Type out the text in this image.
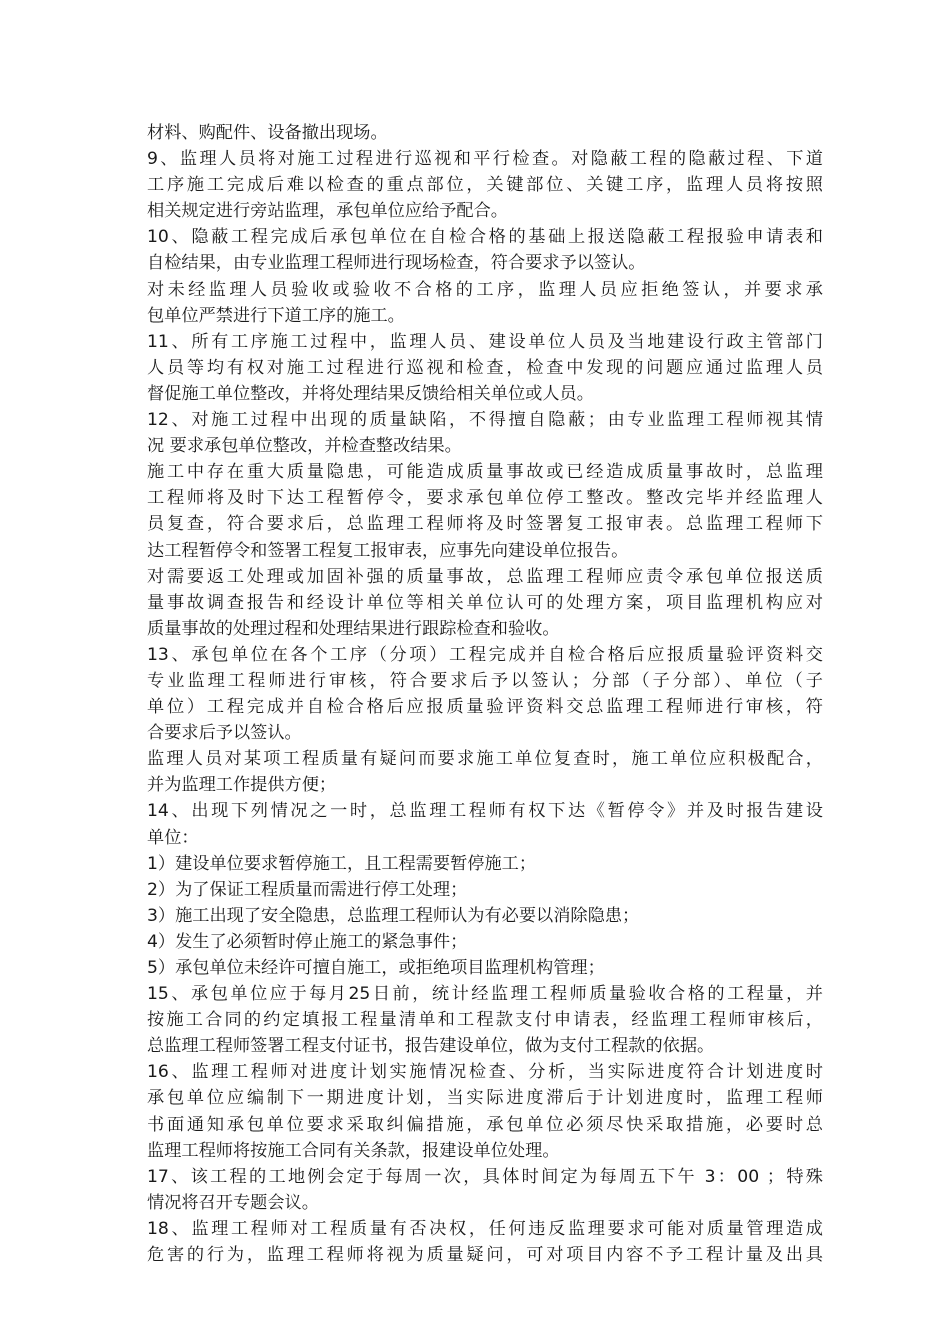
材料、购配件、设备撤出现场。
9、监理人员将对施工过程进行巡视和平行检查。对隐蔽工程的隐蔽过程、下道
工序施工完成后难以检查的重点部位，关键部位、关键工序，监理人员将按照
相关规定进行旁站监理，承包单位应给予配合。
10、隐蔽工程完成后承包单位在自检合格的基础上报送隐蔽工程报验申请表和
自检结果，由专业监理工程师进行现场检查，符合要求予以签认。
对未经监理人员验收或验收不合格的工序，监理人员应拒绝签认，并要求承
包单位严禁进行下道工序的施工。
11、所有工序施工过程中，监理人员、建设单位人员及当地建设行政主管部门
人员等均有权对施工过程进行巡视和检查，检查中发现的问题应通过监理人员
督促施工单位整改，并将处理结果反馈给相关单位或人员。
12、对施工过程中出现的质量缺陷，不得擅自隐蔽；由专业监理工程师视其情
况 要求承包单位整改，并检查整改结果。
施工中存在重大质量隐患，可能造成质量事故或已经造成质量事故时，总监理
工程师将及时下达工程暂停令，要求承包单位停工整改。整改完毕并经监理人
员复查，符合要求后，总监理工程师将及时签署复工报审表。总监理工程师下
达工程暂停令和签署工程复工报审表，应事先向建设单位报告。
对需要返工处理或加固补强的质量事故，总监理工程师应责令承包单位报送质
量事故调查报告和经设计单位等相关单位认可的处理方案，项目监理机构应对
质量事故的处理过程和处理结果进行跟踪检查和验收。
13、承包单位在各个工序（分项）工程完成并自检合格后应报质量验评资料交
专业监理工程师进行审核，符合要求后予以签认；分部（子分部）、单位（子
单位）工程完成并自检合格后应报质量验评资料交总监理工程师进行审核，符
合要求后予以签认。
监理人员对某项工程质量有疑问而要求施工单位复查时，施工单位应积极配合，
并为监理工作提供方便；
14、出现下列情况之一时，总监理工程师有权下达《暂停令》并及时报告建设
单位：
1）建设单位要求暂停施工，且工程需要暂停施工；
2）为了保证工程质量而需进行停工处理；
3）施工出现了安全隐患，总监理工程师认为有必要以消除隐患；
4）发生了必须暂时停止施工的紧急事件；
5）承包单位未经许可擅自施工，或拒绝项目监理机构管理；
15、承包单位应于每月25日前，统计经监理工程师质量验收合格的工程量，并
按施工合同的约定填报工程量清单和工程款支付申请表，经监理工程师审核后，
总监理工程师签署工程支付证书，报告建设单位，做为支付工程款的依据。
16、监理工程师对进度计划实施情况检查、分析，当实际进度符合计划进度时
承包单位应编制下一期进度计划，当实际进度滞后于计划进度时，监理工程师
书面通知承包单位要求采取纠偏措施，承包单位必须尽快采取措施，必要时总
监理工程师将按施工合同有关条款，报建设单位处理。
17、该工程的工地例会定于每周一次，具体时间定为每周五下午 3：00 ；特殊
情况将召开专题会议。
18、监理工程师对工程质量有否决权，任何违反监理要求可能对质量管理造成
危害的行为，监理工程师将视为质量疑问，可对项目内容不予工程计量及出具
